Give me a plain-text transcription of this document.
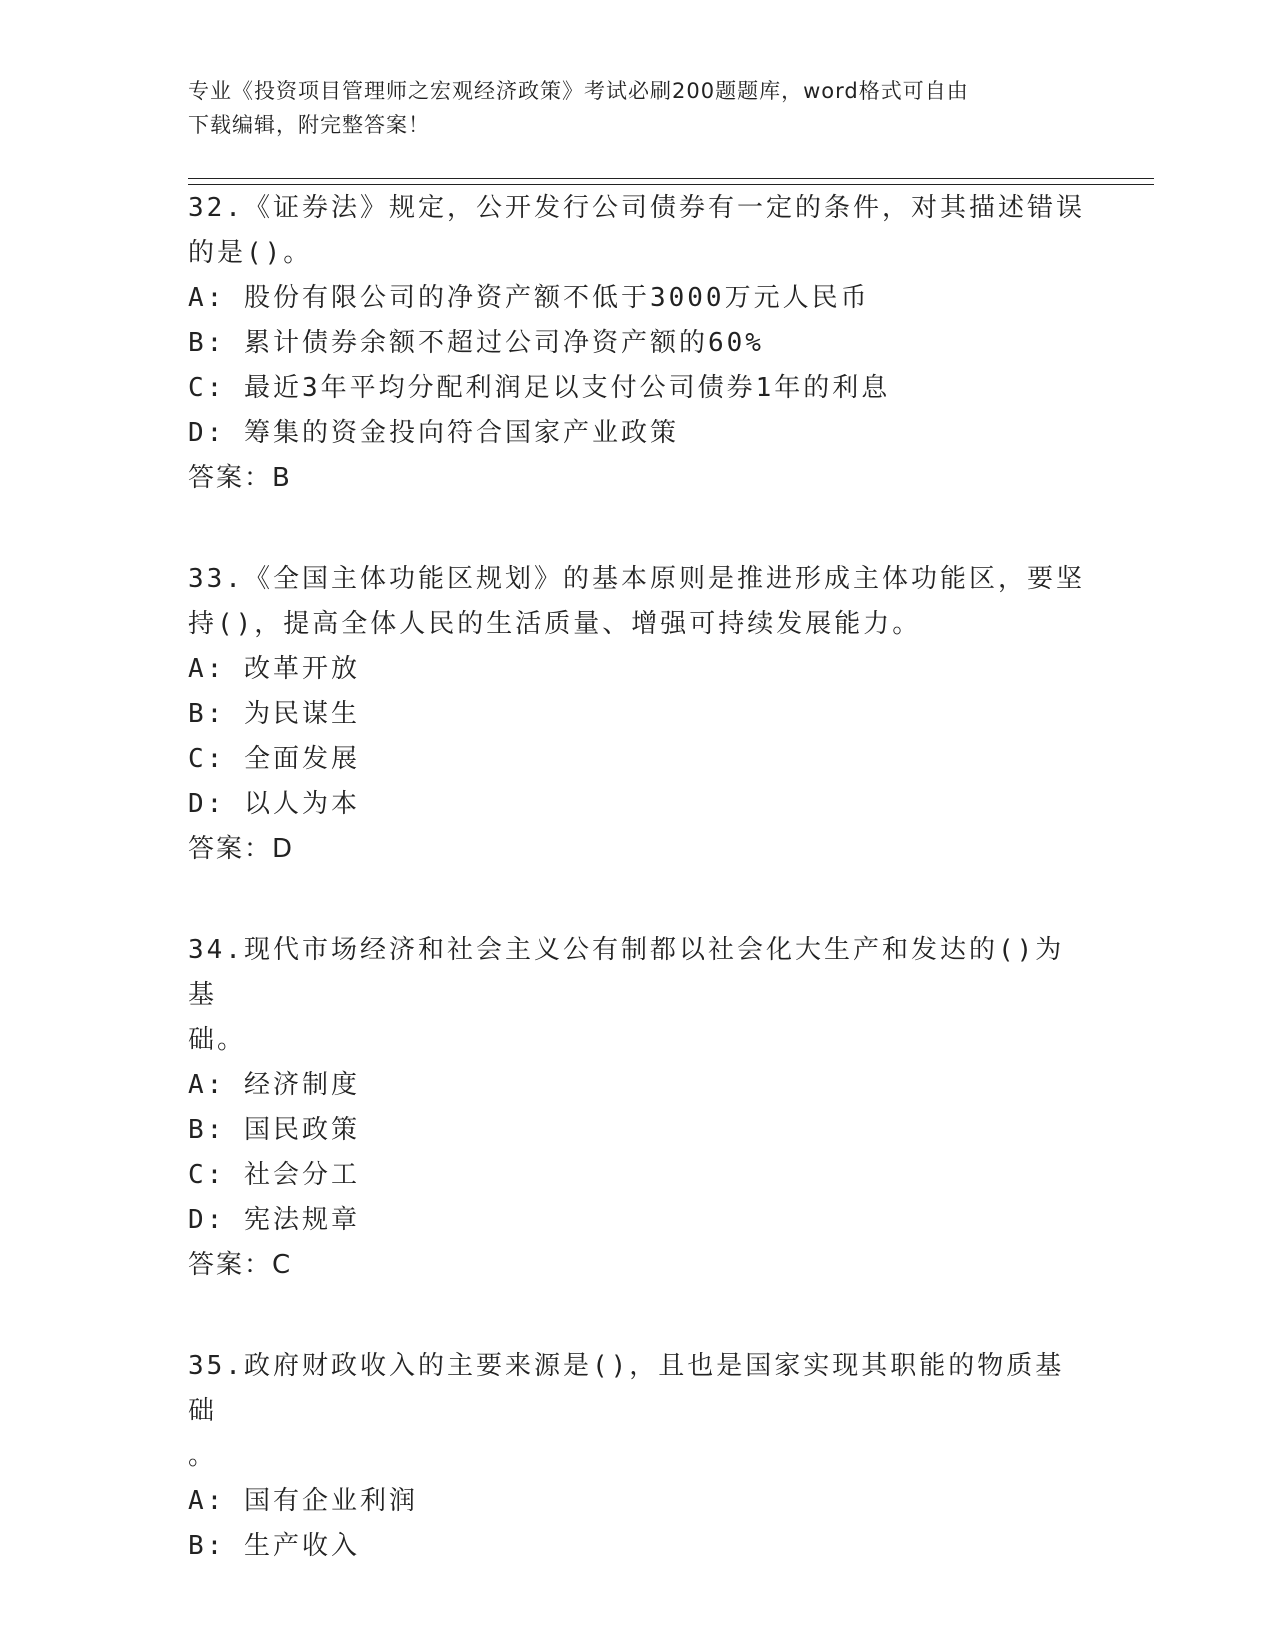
专业《投资项目管理师之宏观经济政策》考试必刷200题题库，word格式可自由
下载编辑，附完整答案！

32.《证券法》规定，公开发行公司债券有一定的条件，对其描述错误
的是()。

A: 股份有限公司的净资产额不低于3000万元人民币

B: 累计债券余额不超过公司净资产额的60%

C: 最近3年平均分配利润足以支付公司债券1年的利息

D: 筹集的资金投向符合国家产业政策

答案：B

33.《全国主体功能区规划》的基本原则是推进形成主体功能区，要坚
持()，提高全体人民的生活质量、增强可持续发展能力。

A: 改革开放

B: 为民谋生

C: 全面发展

D: 以人为本

答案：D

34.现代市场经济和社会主义公有制都以社会化大生产和发达的()为基
础。

A: 经济制度

B: 国民政策

C: 社会分工

D: 宪法规章

答案：C

35.政府财政收入的主要来源是()，且也是国家实现其职能的物质基础
。

A: 国有企业利润

B: 生产收入
